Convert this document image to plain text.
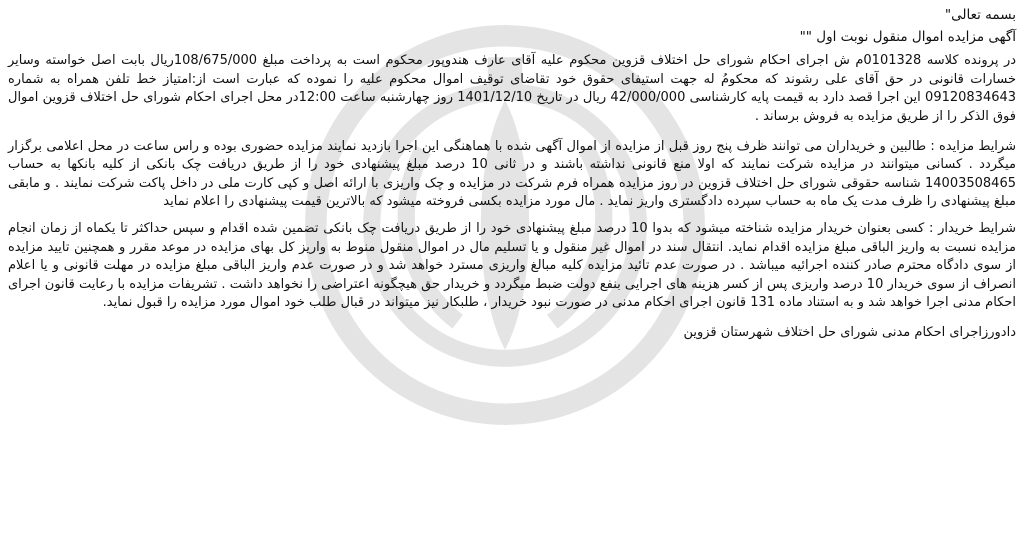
بسمه تعالی"

آگهی مزایده اموال منقول نوبت اول ""

در پرونده کلاسه 0101328م ش اجرای احکام شورای حل اختلاف قزوین محکوم علیه آقای عارف هندوپور محکوم است به پرداخت مبلغ 108/675/000ریال بابت اصل خواسته وسایر خسارات قانونی در حق آقای علی رشوند که محکومُ له جهت استیفای حقوق خود تقاضای توقیف اموال محکوم علیه را نموده که عبارت است از:امتیاز خط تلفن همراه به شماره 09120834643 این اجرا قصد دارد به قیمت پایه کارشناسی 42/000/000 ریال در تاریخ 1401/12/10 روز چهارشنبه ساعت 12:00در محل اجرای احکام شورای حل اختلاف قزوین اموال فوق الذکر را از طریق مزایده به فروش برساند .

شرایط مزایده : طالبین و خریداران می توانند ظرف پنج روز قبل از مزایده از اموال آگهی شده با هماهنگی این اجرا بازدید نمایند مزایده حضوری بوده و راس ساعت در محل اعلامی برگزار میگردد . کسانی میتوانند در مزایده شرکت نمایند که اولا منع قانونی نداشته باشند و در ثانی 10 درصد مبلغ پیشنهادی خود را از طریق دریافت چک بانکی از کلیه بانکها به حساب 14003508465 شناسه حقوقی شورای حل اختلاف قزوین در روز مزایده همراه فرم شرکت در مزایده و چک واریزی با ارائه اصل و کپی کارت ملی در داخل پاکت شرکت نمایند . و مابقی مبلغ پیشنهادی را ظرف مدت یک ماه به حساب سپرده دادگستری واریز نماید . مال مورد مزایده بکسی فروخته میشود که بالاترین قیمت پیشنهادی را اعلام نماید

شرایط خریدار : کسی بعنوان خریدار مزایده شناخته میشود که بدوا 10 درصد مبلغ پیشنهادی خود را از طریق دریافت چک بانکی تضمین شده اقدام و سپس حداکثر تا یکماه از زمان انجام مزایده نسبت به واریز الباقی مبلغ مزایده اقدام نماید. انتقال سند در اموال غیر منقول و یا تسلیم مال در اموال منقول منوط به واریز کل بهای مزایده در موعد مقرر و همچنین تایید مزایده از سوی دادگاه محترم صادر کننده اجرائیه میباشد . در صورت عدم تائید مزایده کلیه مبالغ واریزی مسترد خواهد شد و در صورت عدم واریز الباقی مبلغ مزایده در مهلت قانونی و یا اعلام انصراف از سوی خریدار 10 درصد واریزی پس از کسر هزینه های اجرایی بنفع دولت ضبط میگردد و خریدار حق هیچگونه اعتراضی را نخواهد داشت . تشریفات مزایده با رعایت قانون اجرای احکام مدنی اجرا خواهد شد و به استناد ماده 131 قانون اجرای احکام مدنی در صورت نبود خریدار ، طلبکار نیز میتواند در قبال طلب خود اموال مورد مزایده را قبول نماید.

دادورزاجرای احکام مدنی شورای حل اختلاف شهرستان قزوین
